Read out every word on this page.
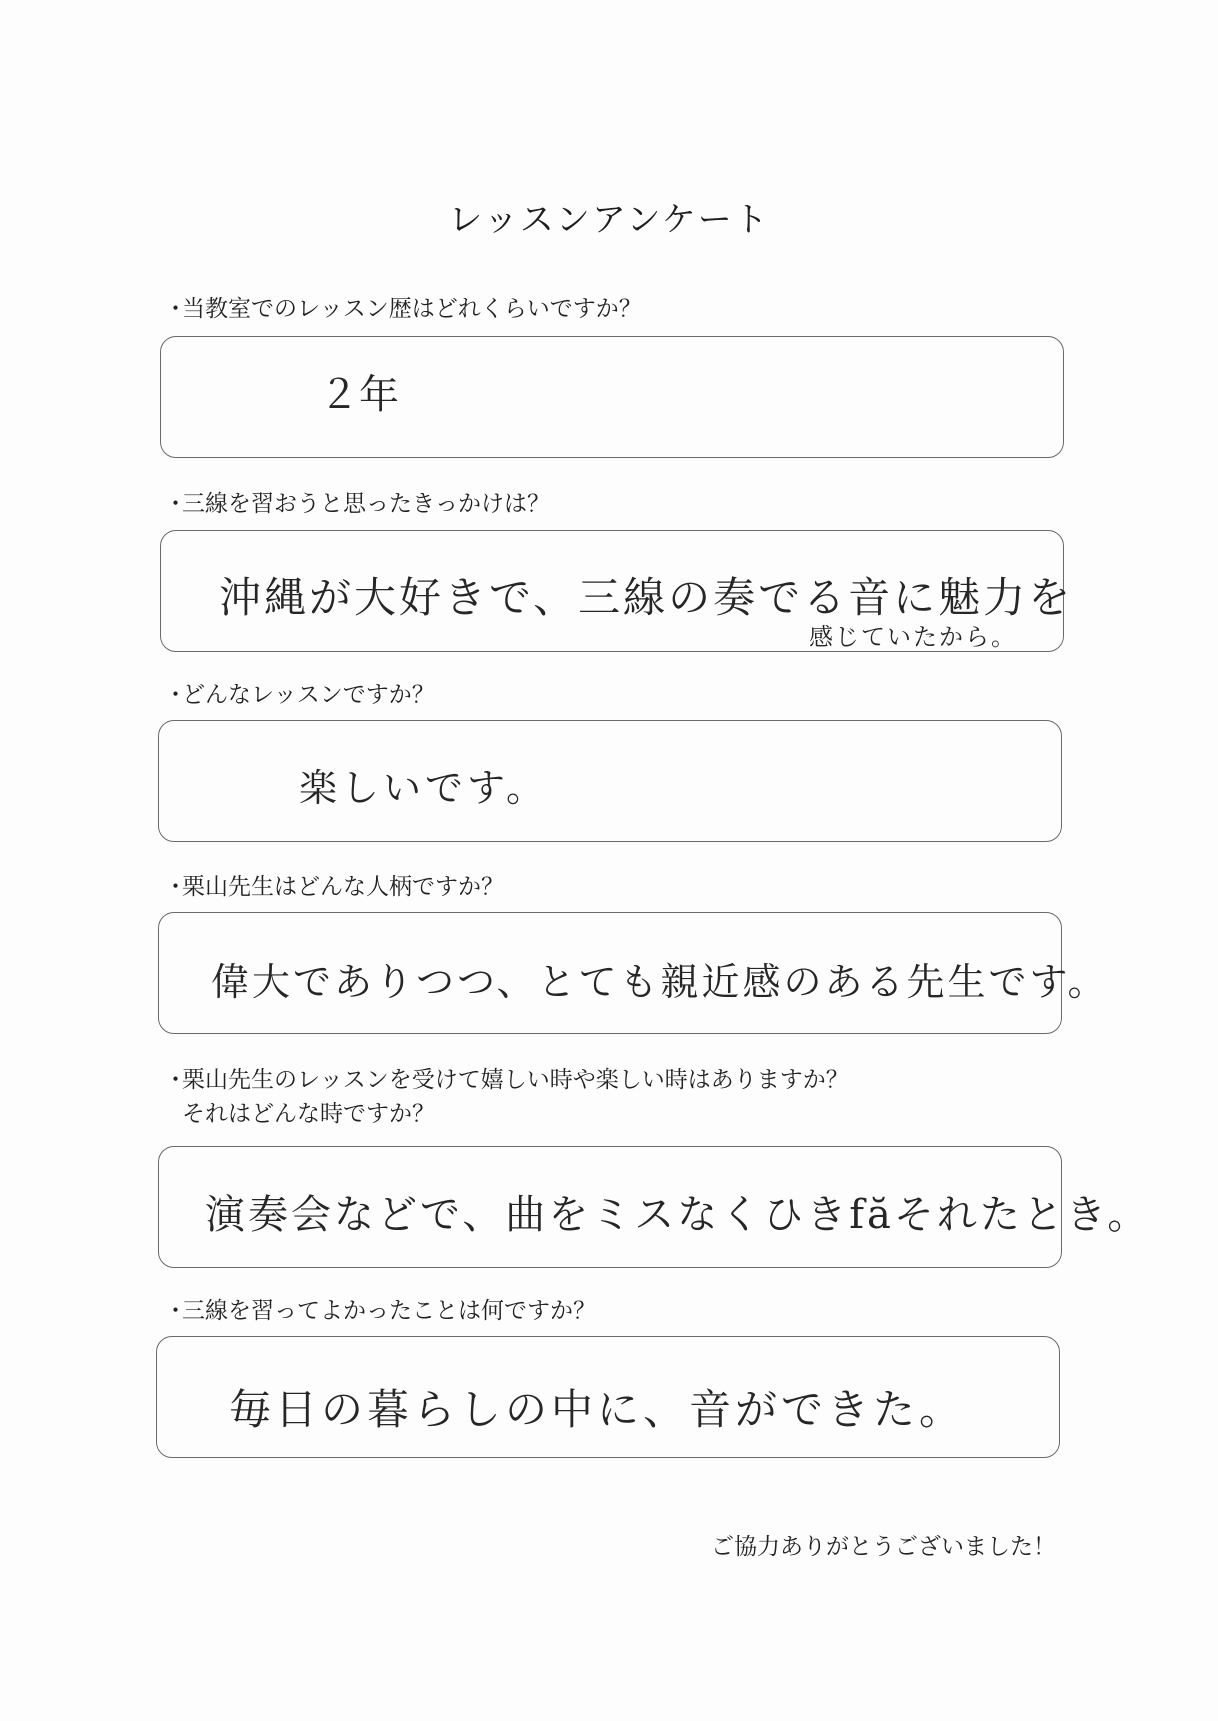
レッスンアンケート
・当教室でのレッスン歴はどれくらいですか？
２年
・三線を習おうと思ったきっかけは？
沖縄が大好きで、三線の奏でる音に魅力を
感じていたから。
・どんなレッスンですか？
楽しいです。
・栗山先生はどんな人柄ですか？
偉大でありつつ、とても親近感のある先生です。
・栗山先生のレッスンを受けて嬉しい時や楽しい時はありますか？
それはどんな時ですか？
演奏会などで、曲をミスなくひきfăそれたとき。
・三線を習ってよかったことは何ですか？
毎日の暮らしの中に、音ができた。
ご協力ありがとうございました！
